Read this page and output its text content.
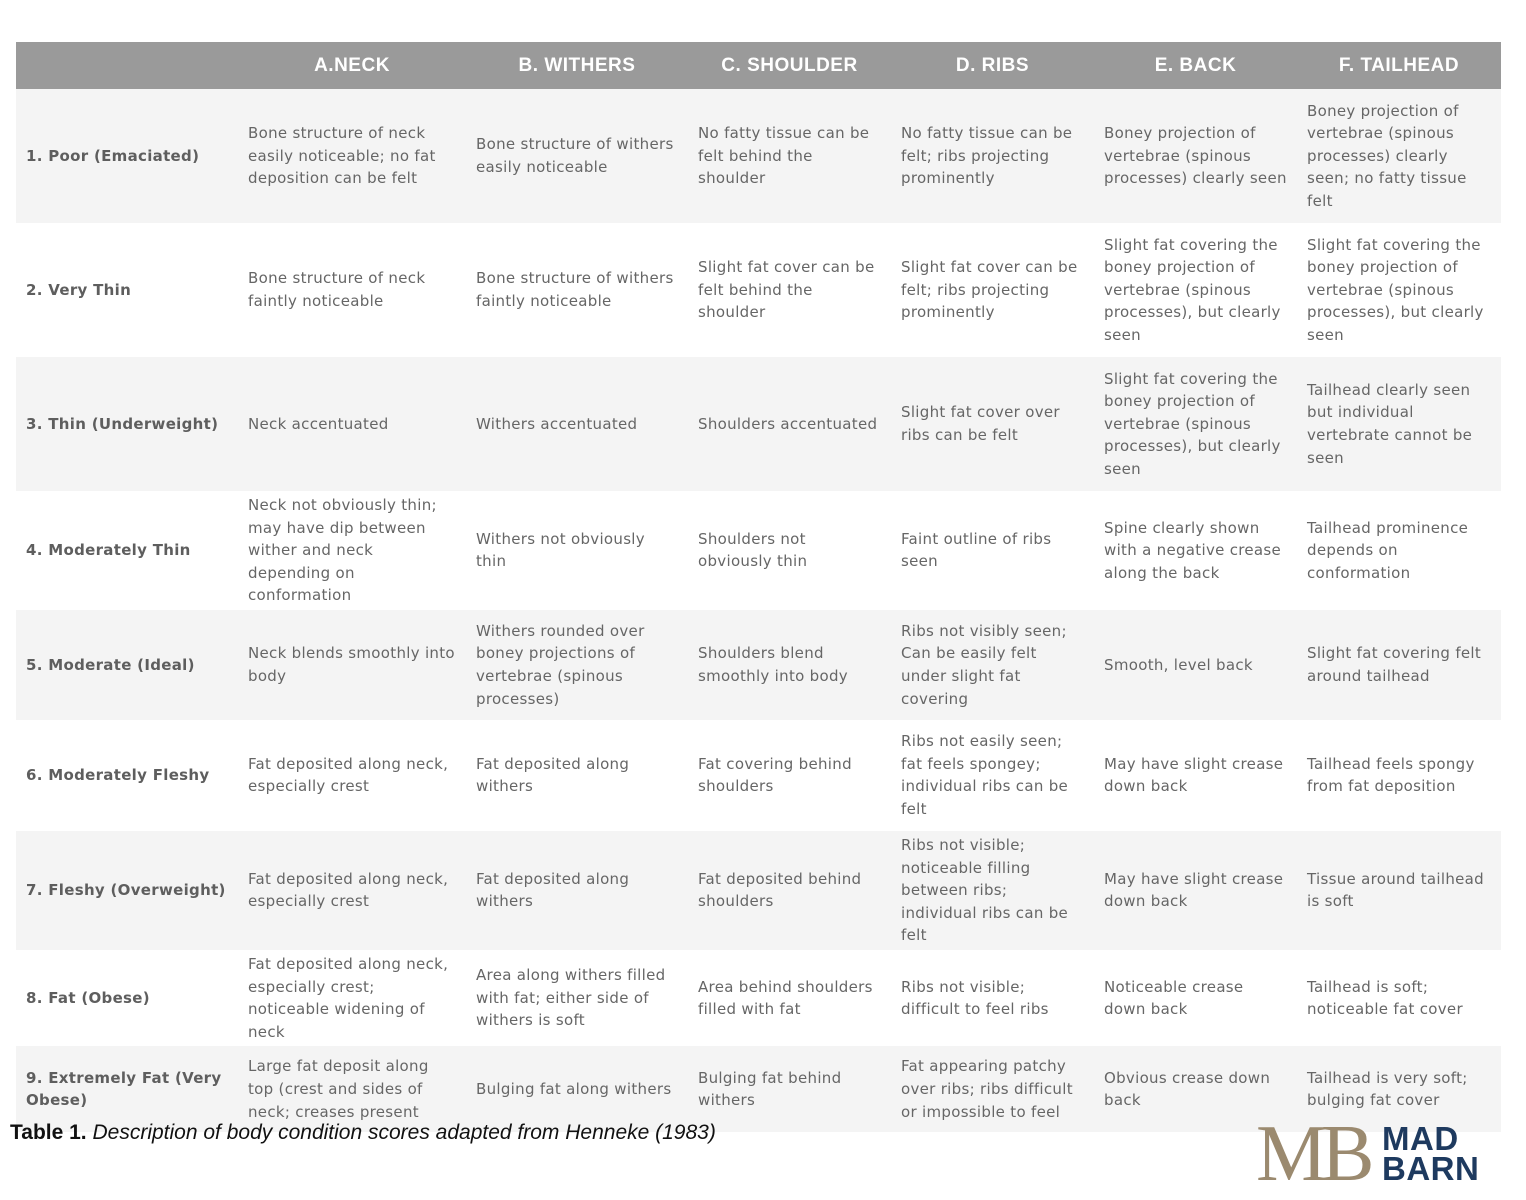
	A.NECK	B. WITHERS	C. SHOULDER	D. RIBS	E. BACK	F. TAILHEAD
1. Poor (Emaciated)	Bone structure of neck easily noticeable; no fat deposition can be felt	Bone structure of withers easily noticeable	No fatty tissue can be felt behind the shoulder	No fatty tissue can be felt; ribs projecting prominently	Boney projection of vertebrae (spinous processes) clearly seen	Boney projection of vertebrae (spinous processes) clearly seen; no fatty tissue felt
2. Very Thin	Bone structure of neck faintly noticeable	Bone structure of withers faintly noticeable	Slight fat cover can be felt behind the shoulder	Slight fat cover can be felt; ribs projecting prominently	Slight fat covering the boney projection of vertebrae (spinous processes), but clearly seen	Slight fat covering the boney projection of vertebrae (spinous processes), but clearly seen
3. Thin (Underweight)	Neck accentuated	Withers accentuated	Shoulders accentuated	Slight fat cover over ribs can be felt	Slight fat covering the boney projection of vertebrae (spinous processes), but clearly seen	Tailhead clearly seen but individual vertebrate cannot be seen
4. Moderately Thin	Neck not obviously thin; may have dip between wither and neck depending on conformation	Withers not obviously thin	Shoulders not obviously thin	Faint outline of ribs seen	Spine clearly shown with a negative crease along the back	Tailhead prominence depends on conformation
5. Moderate (Ideal)	Neck blends smoothly into body	Withers rounded over boney projections of vertebrae (spinous processes)	Shoulders blend smoothly into body	Ribs not visibly seen; Can be easily felt under slight fat covering	Smooth, level back	Slight fat covering felt around tailhead
6. Moderately Fleshy	Fat deposited along neck, especially crest	Fat deposited along withers	Fat covering behind shoulders	Ribs not easily seen; fat feels spongey; individual ribs can be felt	May have slight crease down back	Tailhead feels spongy from fat deposition
7. Fleshy (Overweight)	Fat deposited along neck, especially crest	Fat deposited along withers	Fat deposited behind shoulders	Ribs not visible; noticeable filling between ribs; individual ribs can be felt	May have slight crease down back	Tissue around tailhead is soft
8. Fat (Obese)	Fat deposited along neck, especially crest; noticeable widening of neck	Area along withers filled with fat; either side of withers is soft	Area behind shoulders filled with fat	Ribs not visible; difficult to feel ribs	Noticeable crease down back	Tailhead is soft; noticeable fat cover
9. Extremely Fat (Very Obese)	Large fat deposit along top (crest and sides of neck; creases present	Bulging fat along withers	Bulging fat behind withers	Fat appearing patchy over ribs; ribs difficult or impossible to feel	Obvious crease down back	Tailhead is very soft; bulging fat cover
Table 1. Description of body condition scores adapted from Henneke (1983)	MB MAD
BARN
